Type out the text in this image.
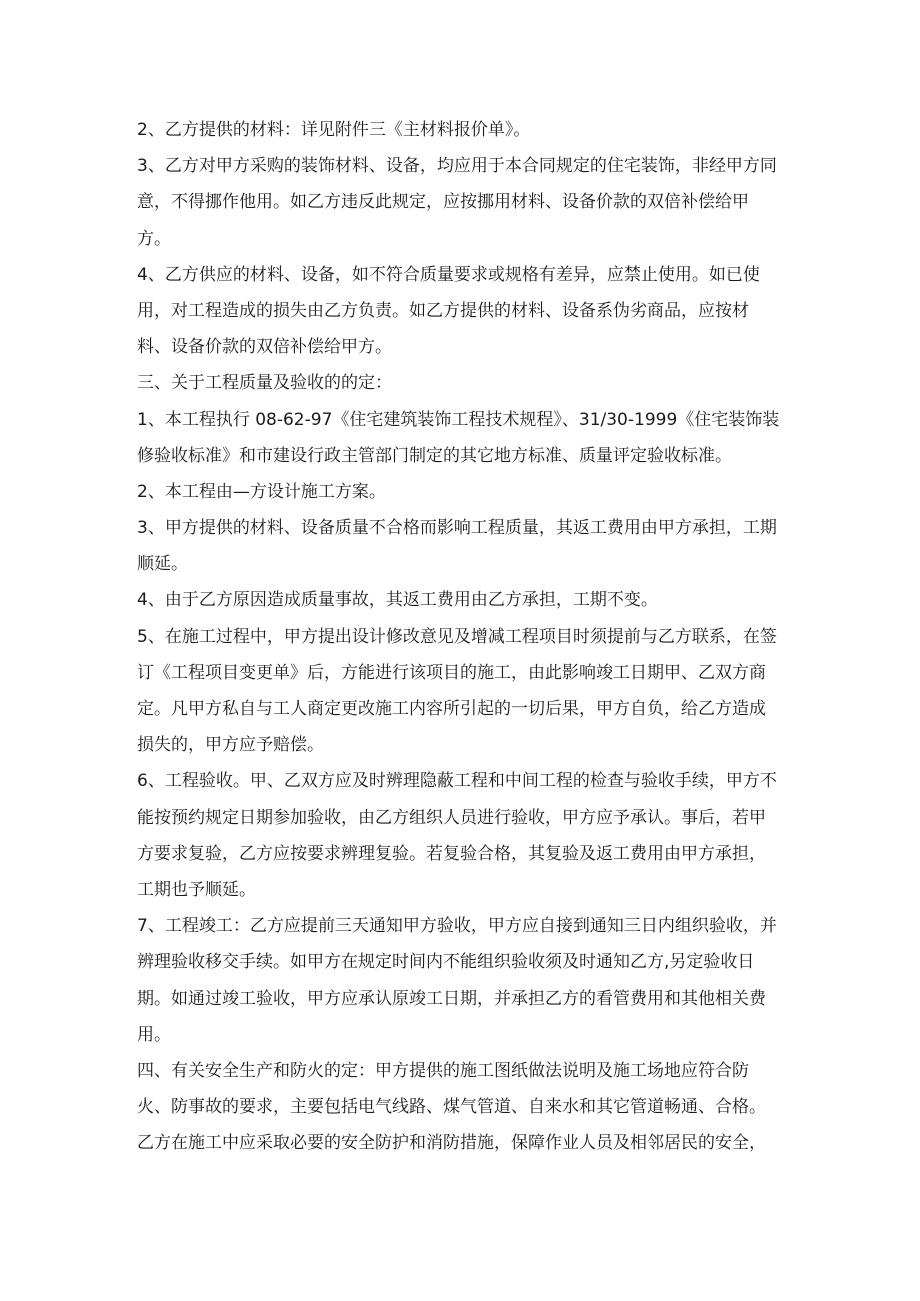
2、乙方提供的材料：详见附件三《主材料报价单》。
3、乙方对甲方采购的装饰材料、设备，均应用于本合同规定的住宅装饰，非经甲方同
意，不得挪作他用。如乙方违反此规定，应按挪用材料、设备价款的双倍补偿给甲
方。
4、乙方供应的材料、设备，如不符合质量要求或规格有差异，应禁止使用。如已使
用，对工程造成的损失由乙方负责。如乙方提供的材料、设备系伪劣商品，应按材
料、设备价款的双倍补偿给甲方。
三、关于工程质量及验收的的定：
1、本工程执行 08-62-97《住宅建筑装饰工程技术规程》、31/30-1999《住宅装饰装
修验收标准》和市建设行政主管部门制定的其它地方标准、质量评定验收标准。
2、本工程由—方设计施工方案。
3、甲方提供的材料、设备质量不合格而影响工程质量，其返工费用由甲方承担，工期
顺延。
4、由于乙方原因造成质量事故，其返工费用由乙方承担，工期不变。
5、在施工过程中，甲方提出设计修改意见及增减工程项目时须提前与乙方联系，在签
订《工程项目变更单》后，方能进行该项目的施工，由此影响竣工日期甲、乙双方商
定。凡甲方私自与工人商定更改施工内容所引起的一切后果，甲方自负，给乙方造成
损失的，甲方应予赔偿。
6、工程验收。甲、乙双方应及时辨理隐蔽工程和中间工程的检查与验收手续，甲方不
能按预约规定日期参加验收，由乙方组织人员进行验收，甲方应予承认。事后，若甲
方要求复验，乙方应按要求辨理复验。若复验合格，其复验及返工费用由甲方承担，
工期也予顺延。
7、工程竣工：乙方应提前三天通知甲方验收，甲方应自接到通知三日内组织验收，并
辨理验收移交手续。如甲方在规定时间内不能组织验收须及时通知乙方,另定验收日
期。如通过竣工验收，甲方应承认原竣工日期，并承担乙方的看管费用和其他相关费
用。
四、有关安全生产和防火的定：甲方提供的施工图纸做法说明及施工场地应符合防
火、防事故的要求，主要包括电气线路、煤气管道、自来水和其它管道畅通、合格。
乙方在施工中应采取必要的安全防护和消防措施，保障作业人员及相邻居民的安全，
